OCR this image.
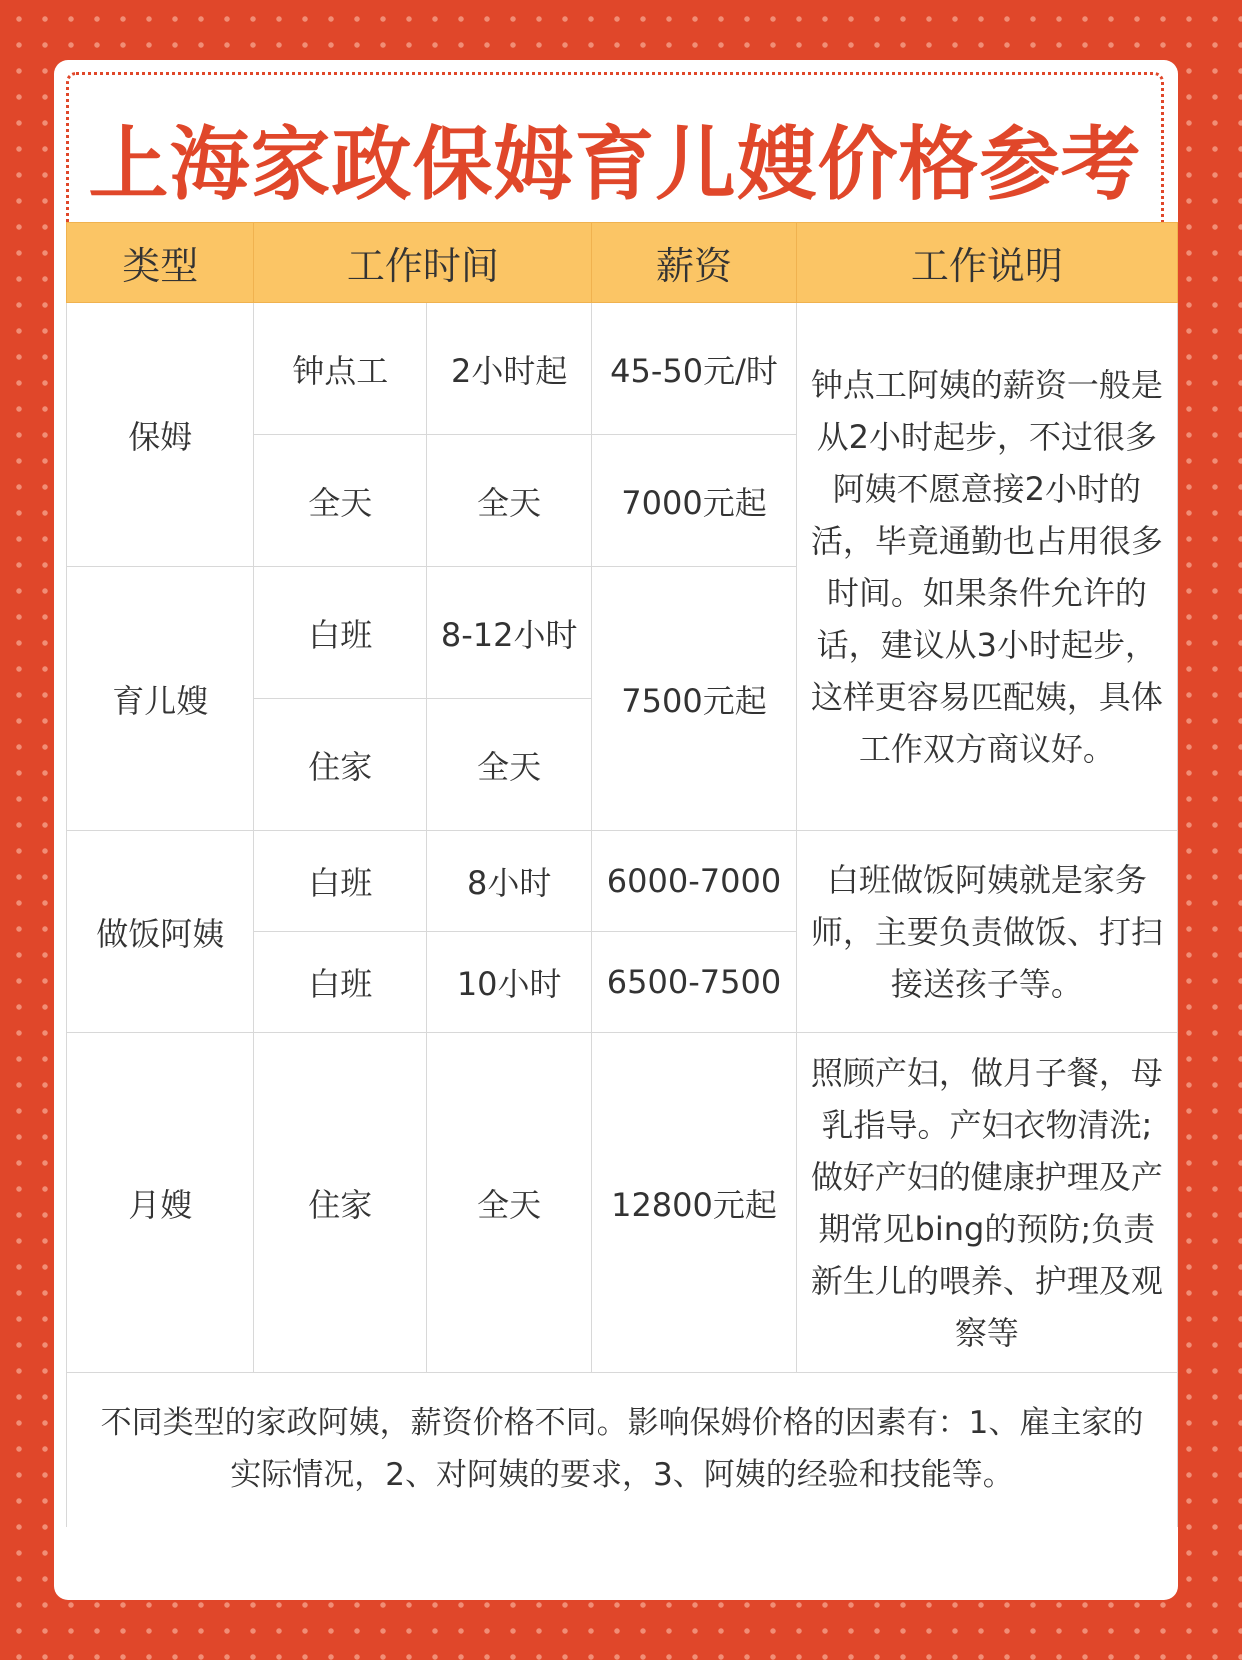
上海家政保姆育儿嫂价格参考
类型	工作时间		薪资	工作说明
保姆	钟点工	2小时起	45-50元/时	钟点工阿姨的薪资一般是从2小时起步，不过很多阿姨不愿意接2小时的活，毕竟通勤也占用很多时间。如果条件允许的话，建议从3小时起步，这样更容易匹配姨，具体工作双方商议好。
	全天	全天	7000元起	
育儿嫂	白班	8-12小时	7500元起	
	住家	全天		
做饭阿姨	白班	8小时	6000-7000	白班做饭阿姨就是家务师，主要负责做饭、打扫接送孩子等。
	白班	10小时	6500-7500	
月嫂	住家	全天	12800元起	照顾产妇，做月子餐，母乳指导。产妇衣物清洗;做好产妇的健康护理及产期常见bing的预防;负责新生儿的喂养、护理及观察等
不同类型的家政阿姨，薪资价格不同。影响保姆价格的因素有：1、雇主家的实际情况，2、对阿姨的要求，3、阿姨的经验和技能等。				
